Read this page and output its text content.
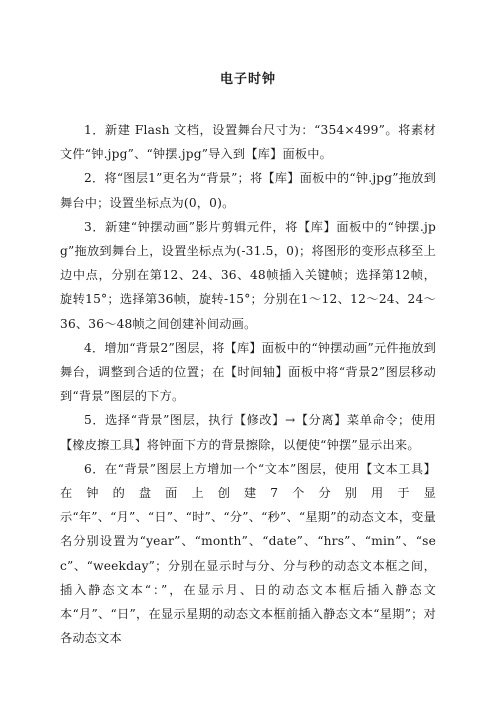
电子时钟

1．新建 Flash 文档，设置舞台尺寸为：“354×499”。将素材文件“钟.jpg”、“钟摆.jpg”导入到【库】面板中。

2．将“图层1”更名为“背景”；将【库】面板中的“钟.jpg”拖放到舞台中；设置坐标点为(0，0)。

3．新建“钟摆动画”影片剪辑元件，将【库】面板中的“钟摆.jpg”拖放到舞台上，设置坐标点为(-31.5，0)；将图形的变形点移至上边中点，分别在第12、24、36、48帧插入关键帧；选择第12帧，旋转15°；选择第36帧，旋转-15°；分别在1～12、12～24、24～36、36～48帧之间创建补间动画。

4．增加“背景2”图层，将【库】面板中的“钟摆动画”元件拖放到舞台，调整到合适的位置；在【时间轴】面板中将“背景2”图层移动到“背景”图层的下方。

5．选择“背景”图层，执行【修改】→【分离】菜单命令；使用【橡皮擦工具】将钟面下方的背景擦除，以便使“钟摆”显示出来。

6．在“背景”图层上方增加一个“文本”图层，使用【文本工具】在钟的盘面上创建7个分别用于显示“年”、“月”、“日”、“时”、“分”、“秒”、“星期”的动态文本，变量名分别设置为“year”、“month”、“date”、“hrs”、“min”、“sec”、“weekday”；分别在显示时与分、分与秒的动态文本框之间，插入静态文本“：”，在显示月、日的动态文本框后插入静态文本“月”、“日”，在显示星期的动态文本框前插入静态文本“星期”；对各动态文本
